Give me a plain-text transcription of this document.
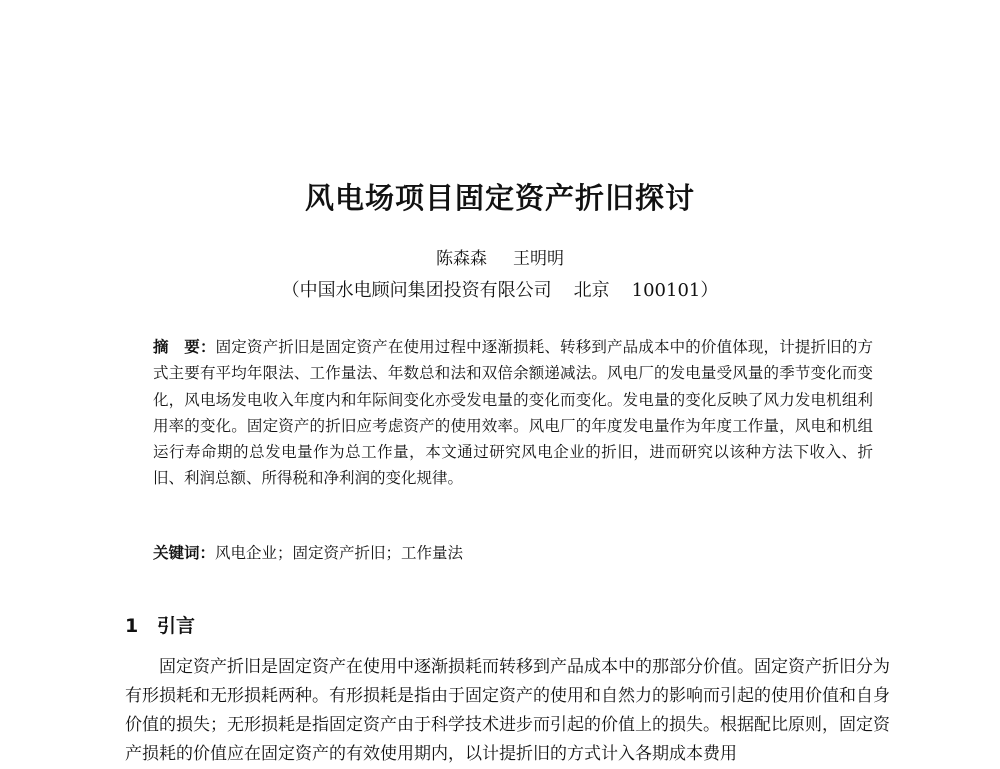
风电场项目固定资产折旧探讨

陈森森 王明明

（中国水电顾问集团投资有限公司 北京 100101）

摘　要：固定资产折旧是固定资产在使用过程中逐渐损耗、转移到产品成本中的价值体现，计提折旧的方式主要有平均年限法、工作量法、年数总和法和双倍余额递减法。风电厂的发电量受风量的季节变化而变化，风电场发电收入年度内和年际间变化亦受发电量的变化而变化。发电量的变化反映了风力发电机组利用率的变化。固定资产的折旧应考虑资产的使用效率。风电厂的年度发电量作为年度工作量，风电和机组运行寿命期的总发电量作为总工作量，本文通过研究风电企业的折旧，进而研究以该种方法下收入、折旧、利润总额、所得税和净利润的变化规律。

关键词：风电企业；固定资产折旧；工作量法

1 引言

固定资产折旧是固定资产在使用中逐渐损耗而转移到产品成本中的那部分价值。固定资产折旧分为有形损耗和无形损耗两种。有形损耗是指由于固定资产的使用和自然力的影响而引起的使用价值和自身价值的损失；无形损耗是指固定资产由于科学技术进步而引起的价值上的损失。根据配比原则，固定资产损耗的价值应在固定资产的有效使用期内，以计提折旧的方式计入各期成本费用
